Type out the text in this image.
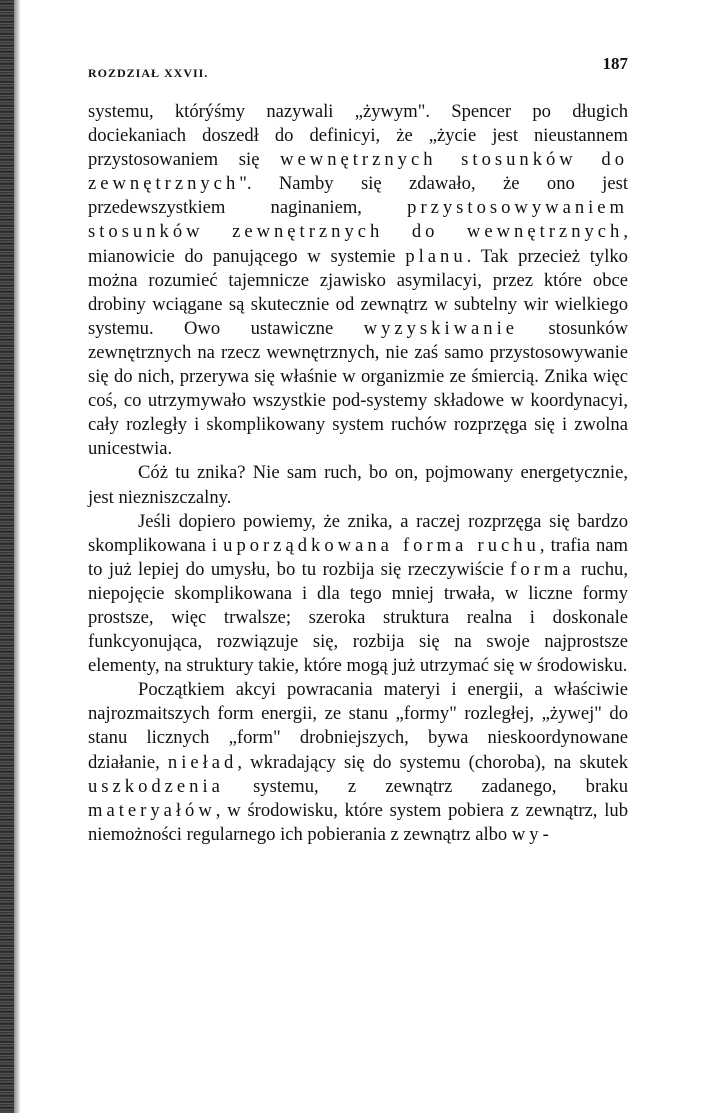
ROZDZIAŁ XXVII.	187

systemu, którýśmy nazywali „żywym". Spencer po długich dociekaniach doszedł do definicyi, że „życie jest nieustannem przystosowaniem się wewnętrznych stosunków do zewnętrznych". Namby się zdawało, że ono jest przedewszystkiem naginaniem, przystosowywaniem stosunków zewnętrznych do wewnętrznych, mianowicie do panującego w systemie planu. Tak przecież tylko można rozumieć tajemnicze zjawisko asymilacyi, przez które obce drobiny wciągane są skutecznie od zewnątrz w subtelny wir wielkiego systemu. Owo ustawiczne wyzyskiwanie stosunków zewnętrznych na rzecz wewnętrznych, nie zaś samo przystosowywanie się do nich, przerywa się właśnie w organizmie ze śmiercią. Znika więc coś, co utrzymywało wszystkie pod-systemy składowe w koordynacyi, cały rozległy i skomplikowany system ruchów rozprzęga się i zwolna unicestwia.

Cóż tu znika? Nie sam ruch, bo on, pojmowany energetycznie, jest niezniszczalny.

Jeśli dopiero powiemy, że znika, a raczej rozprzęga się bardzo skomplikowana i uporządkowana forma ruchu, trafia nam to już lepiej do umysłu, bo tu rozbija się rzeczywiście forma ruchu, niepojęcie skomplikowana i dla tego mniej trwała, w liczne formy prostsze, więc trwalsze; szeroka struktura realna i doskonale funkcyonująca, rozwiązuje się, rozbija się na swoje najprostsze elementy, na struktury takie, które mogą już utrzymać się w środowisku.

Początkiem akcyi powracania materyi i energii, a właściwie najrozmaitszych form energii, ze stanu „formy" rozległej, „żywej" do stanu licznych „form" drobniejszych, bywa nieskoordynowane działanie, nieład, wkradający się do systemu (choroba), na skutek uszkodzenia systemu, z zewnątrz zadanego, braku materyałów, w środowisku, które system pobiera z zewnątrz, lub niemożności regularnego ich pobierania z zewnątrz albo wy-
